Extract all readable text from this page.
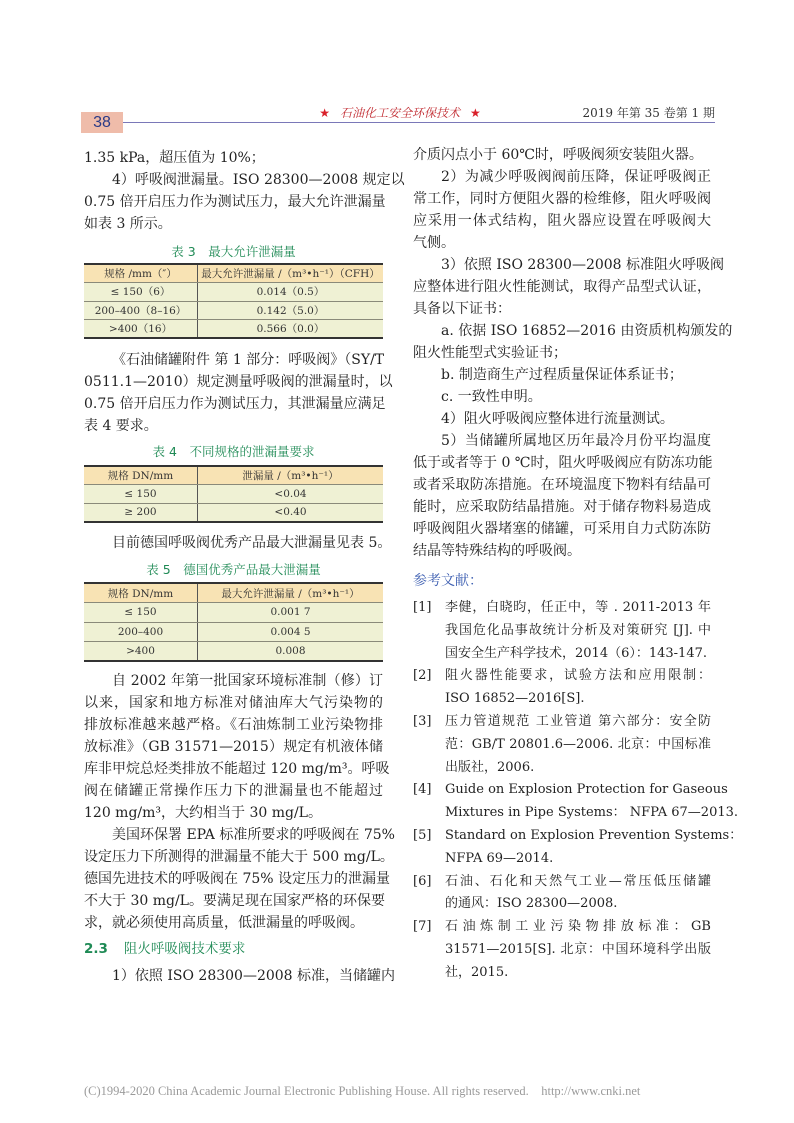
38
★ 石油化工安全环保技术 ★	2019 年第 35 卷第 1 期
1.35 kPa，超压值为 10%；
4）呼吸阀泄漏量。ISO 28300—2008 规定以
0.75 倍开启压力作为测试压力，最大允许泄漏量
如表 3 所示。
表 3　最大允许泄漏量
规格 /mm（″）	最大允许泄漏量 /（m³•h⁻¹）（CFH）
≤ 150（6）	0.014（0.5）
200–400（8–16）	0.142（5.0）
>400（16）	0.566（0.0）
《石油储罐附件 第 1 部分：呼吸阀》（SY/T
0511.1—2010）规定测量呼吸阀的泄漏量时，以
0.75 倍开启压力作为测试压力，其泄漏量应满足
表 4 要求。
表 4　不同规格的泄漏量要求
规格 DN/mm	泄漏量 /（m³•h⁻¹）
≤ 150	<0.04
≥ 200	<0.40
目前德国呼吸阀优秀产品最大泄漏量见表 5。
表 5　德国优秀产品最大泄漏量
规格 DN/mm	最大允许泄漏量 /（m³•h⁻¹）
≤ 150	0.001 7
200–400	0.004 5
>400	0.008
自 2002 年第一批国家环境标准制（修）订
以来，国家和地方标准对储油库大气污染物的
排放标准越来越严格。《石油炼制工业污染物排
放标准》（GB 31571—2015）规定有机液体储
库非甲烷总烃类排放不能超过 120 mg/m³。呼吸
阀在储罐正常操作压力下的泄漏量也不能超过
120 mg/m³，大约相当于 30 mg/L。
美国环保署 EPA 标准所要求的呼吸阀在 75%
设定压力下所测得的泄漏量不能大于 500 mg/L。
德国先进技术的呼吸阀在 75% 设定压力的泄漏量
不大于 30 mg/L。要满足现在国家严格的环保要
求，就必须使用高质量，低泄漏量的呼吸阀。
2.3 阻火呼吸阀技术要求
1）依照 ISO 28300—2008 标准，当储罐内
介质闪点小于 60℃时，呼吸阀须安装阻火器。
2）为减少呼吸阀阀前压降，保证呼吸阀正
常工作，同时方便阻火器的检维修，阻火呼吸阀
应采用一体式结构，阻火器应设置在呼吸阀大
气侧。
3）依照 ISO 28300—2008 标准阻火呼吸阀
应整体进行阻火性能测试，取得产品型式认证，
具备以下证书：
a. 依据 ISO 16852—2016 由资质机构颁发的
阻火性能型式实验证书；
b. 制造商生产过程质量保证体系证书；
c. 一致性申明。
4）阻火呼吸阀应整体进行流量测试。
5）当储罐所属地区历年最冷月份平均温度
低于或者等于 0 ℃时，阻火呼吸阀应有防冻功能
或者采取防冻措施。在环境温度下物料有结晶可
能时，应采取防结晶措施。对于储存物料易造成
呼吸阀阻火器堵塞的储罐，可采用自力式防冻防
结晶等特殊结构的呼吸阀。
参考文献：
[1] 李健，白晓昀，任正中，等 . 2011-2013 年
我国危化品事故统计分析及对策研究 [J]. 中
国安全生产科学技术，2014（6）：143-147.
[2] 阻火器性能要求，试验方法和应用限制：
ISO 16852—2016[S].
[3] 压力管道规范 工业管道 第六部分：安全防
范：GB/T 20801.6—2006. 北京：中国标准
出版社，2006.
[4] Guide on Explosion Protection for Gaseous
Mixtures in Pipe Systems： NFPA 67—2013.
[5] Standard on Explosion Prevention Systems：
NFPA 69—2014.
[6] 石油、石化和天然气工业—常压低压储罐
的通风：ISO 28300—2008.
[7] 石油炼制工业污染物排放标准：GB
31571—2015[S]. 北京：中国环境科学出版
社，2015.
(C)1994-2020 China Academic Journal Electronic Publishing House. All rights reserved. http://www.cnki.net
